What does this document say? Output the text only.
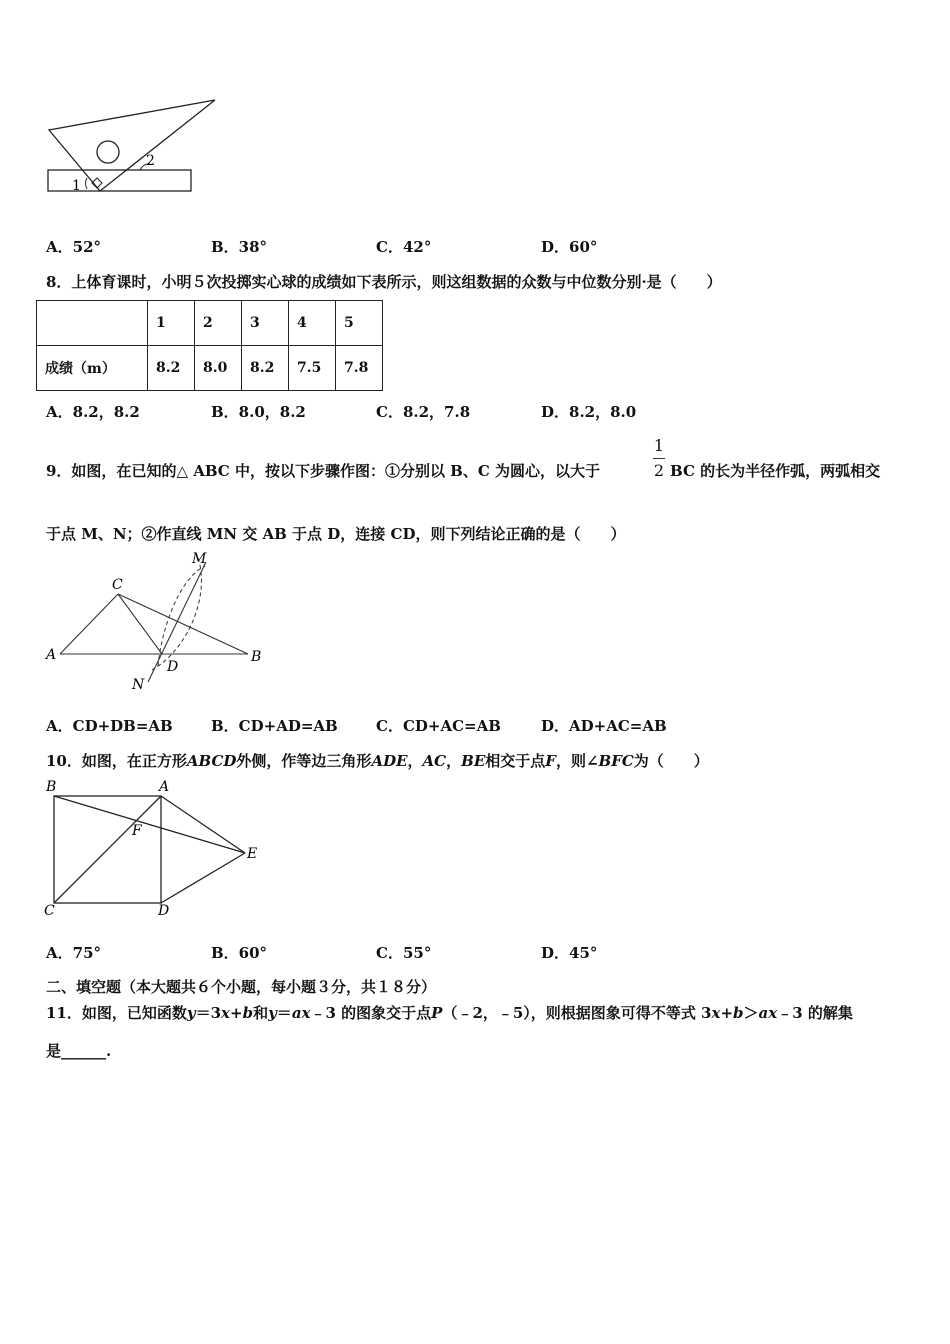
2
1
A．52°	B．38°	C．42°	D．60°
8．上体育课时，小明５次投掷实心球的成绩如下表所示，则这组数据的众数与中位数分别·是（　　）
	1	2	3	4	5
成绩（m）	8.2	8.0	8.2	7.5	7.8
A．8.2，8.2	B．8.0，8.2	C．8.2，7.8	D．8.2，8.0
9．如图，在已知的△ ABC 中，按以下步骤作图：①分别以 B、C 为圆心，以大于
1
2 BC 的长为半径作弧，两弧相交
于点 M、N；②作直线 MN 交 AB 于点 D，连接 CD，则下列结论正确的是（　　）
C
A	B
D
M
N
A．CD+DB=AB	B．CD+AD=AB	C．CD+AC=AB	D．AD+AC=AB
10．如图，在正方形ABCD外侧，作等边三角形ADE，AC，BE相交于点F，则∠BFC为（　　）
B	A
F
E
C	D
A．75°	B．60°	C．55°	D．45°
二、填空题（本大题共６个小题，每小题３分，共１８分）
11．如图，已知函数y＝3x+b和y＝ax﹣3 的图象交于点P（﹣2，﹣5），则根据图象可得不等式 3x+b＞ax﹣3 的解集
是______.
